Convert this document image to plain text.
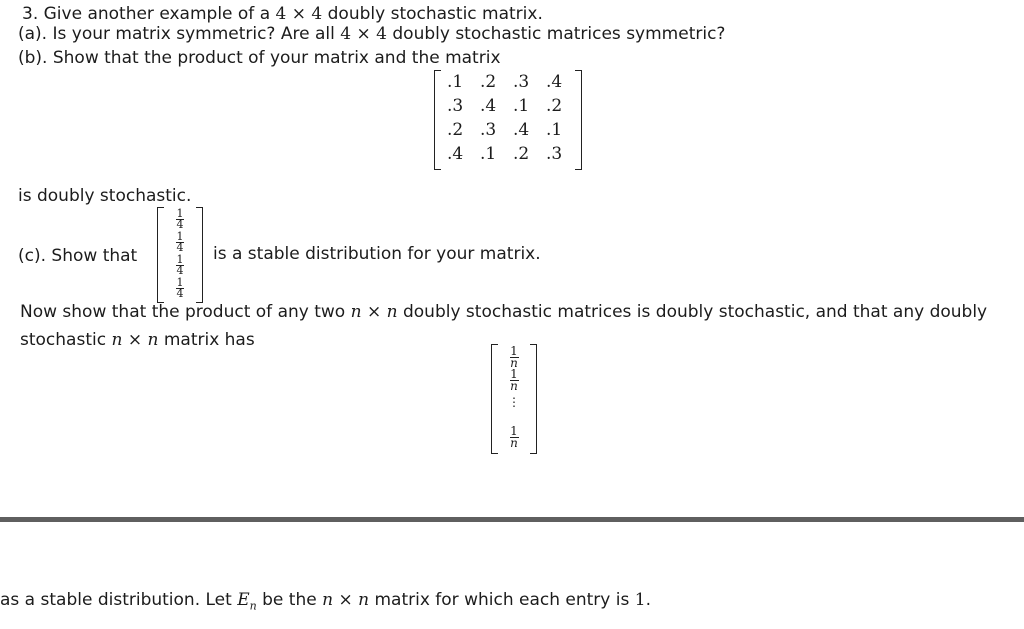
3. Give another example of a 4 × 4 doubly stochastic matrix.
(a). Is your matrix symmetric? Are all 4 × 4 doubly stochastic matrices symmetric?
(b). Show that the product of your matrix and the matrix
.1 .2 .3 .4
.3 .4 .1 .2
.2 .3 .4 .1
.4 .1 .2 .3
is doubly stochastic.
(c). Show that
$\frac{1}{4}$
$\frac{1}{4}$
$\frac{1}{4}$
$\frac{1}{4}$
is a stable distribution for your matrix.
Now show that the product of any two n × n doubly stochastic matrices is doubly stochastic, and that any doubly
stochastic n × n matrix has
1
n
1
n
⋮
1
n
as a stable distribution. Let $E_n$ be the n × n matrix for which each entry is 1.
